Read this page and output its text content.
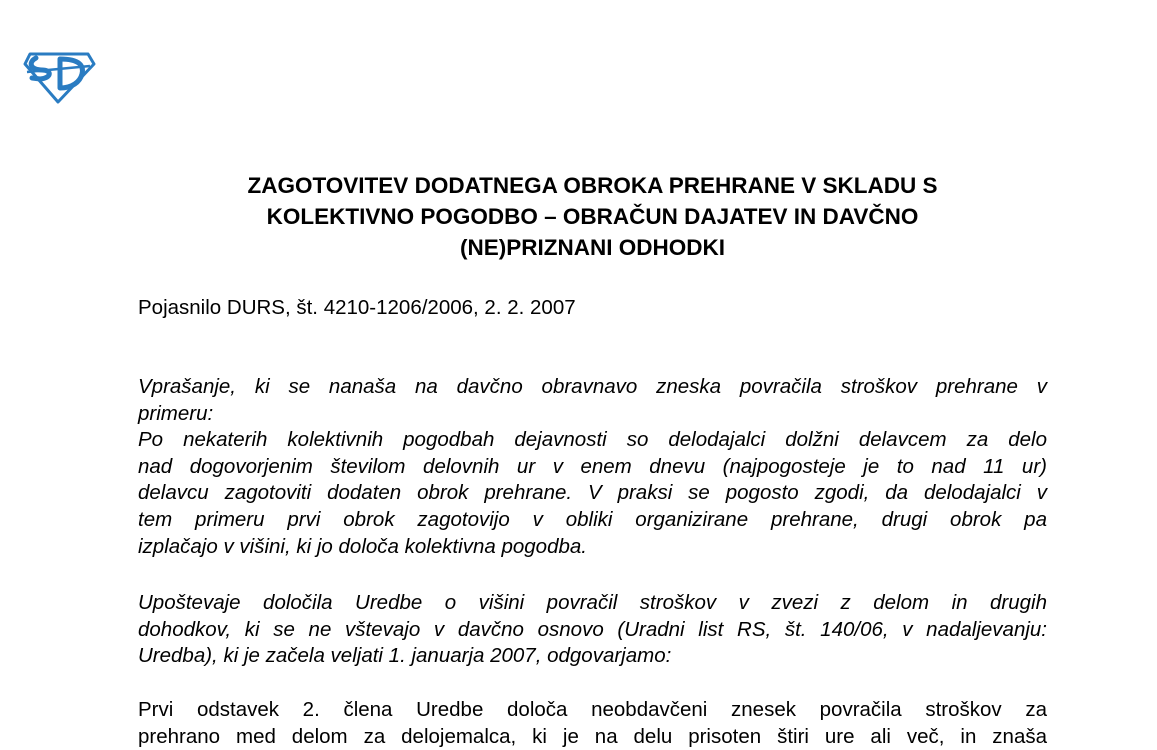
ZAGOTOVITEV DODATNEGA OBROKA PREHRANE V SKLADU S
KOLEKTIVNO POGODBO – OBRAČUN DAJATEV IN DAVČNO
(NE)PRIZNANI ODHODKI
Pojasnilo DURS, št. 4210-1206/2006, 2. 2. 2007
Vprašanje, ki se nanaša na davčno obravnavo zneska povračila stroškov prehrane v
primeru:
Po nekaterih kolektivnih pogodbah dejavnosti so delodajalci dolžni delavcem za delo
nad dogovorjenim številom delovnih ur v enem dnevu (najpogosteje je to nad 11 ur)
delavcu zagotoviti dodaten obrok prehrane. V praksi se pogosto zgodi, da delodajalci v
tem primeru prvi obrok zagotovijo v obliki organizirane prehrane, drugi obrok pa
izplačajo v višini, ki jo določa kolektivna pogodba.
Upoštevaje določila Uredbe o višini povračil stroškov v zvezi z delom in drugih
dohodkov, ki se ne vštevajo v davčno osnovo (Uradni list RS, št. 140/06, v nadaljevanju:
Uredba), ki je začela veljati 1. januarja 2007, odgovarjamo:
Prvi odstavek 2. člena Uredbe določa neobdavčeni znesek povračila stroškov za
prehrano med delom za delojemalca, ki je na delu prisoten štiri ure ali več, in znaša
